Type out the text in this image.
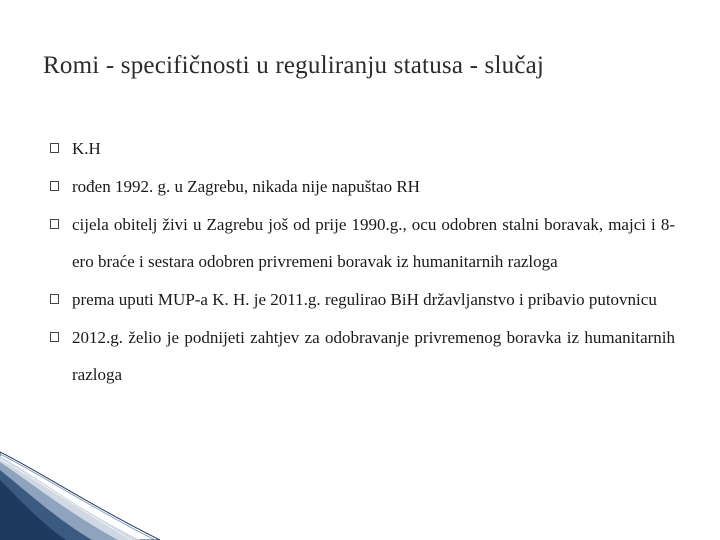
Romi - specifičnosti u reguliranju statusa - slučaj
K.H
rođen 1992. g. u Zagrebu, nikada nije napuštao RH
cijela obitelj živi u Zagrebu još od prije 1990.g., ocu odobren stalni boravak, majci i 8-ero braće i sestara odobren privremeni boravak iz humanitarnih razloga
prema uputi MUP-a K. H. je 2011.g. regulirao BiH državljanstvo i pribavio putovnicu
2012.g. želio je podnijeti zahtjev za odobravanje privremenog boravka iz humanitarnih razloga
